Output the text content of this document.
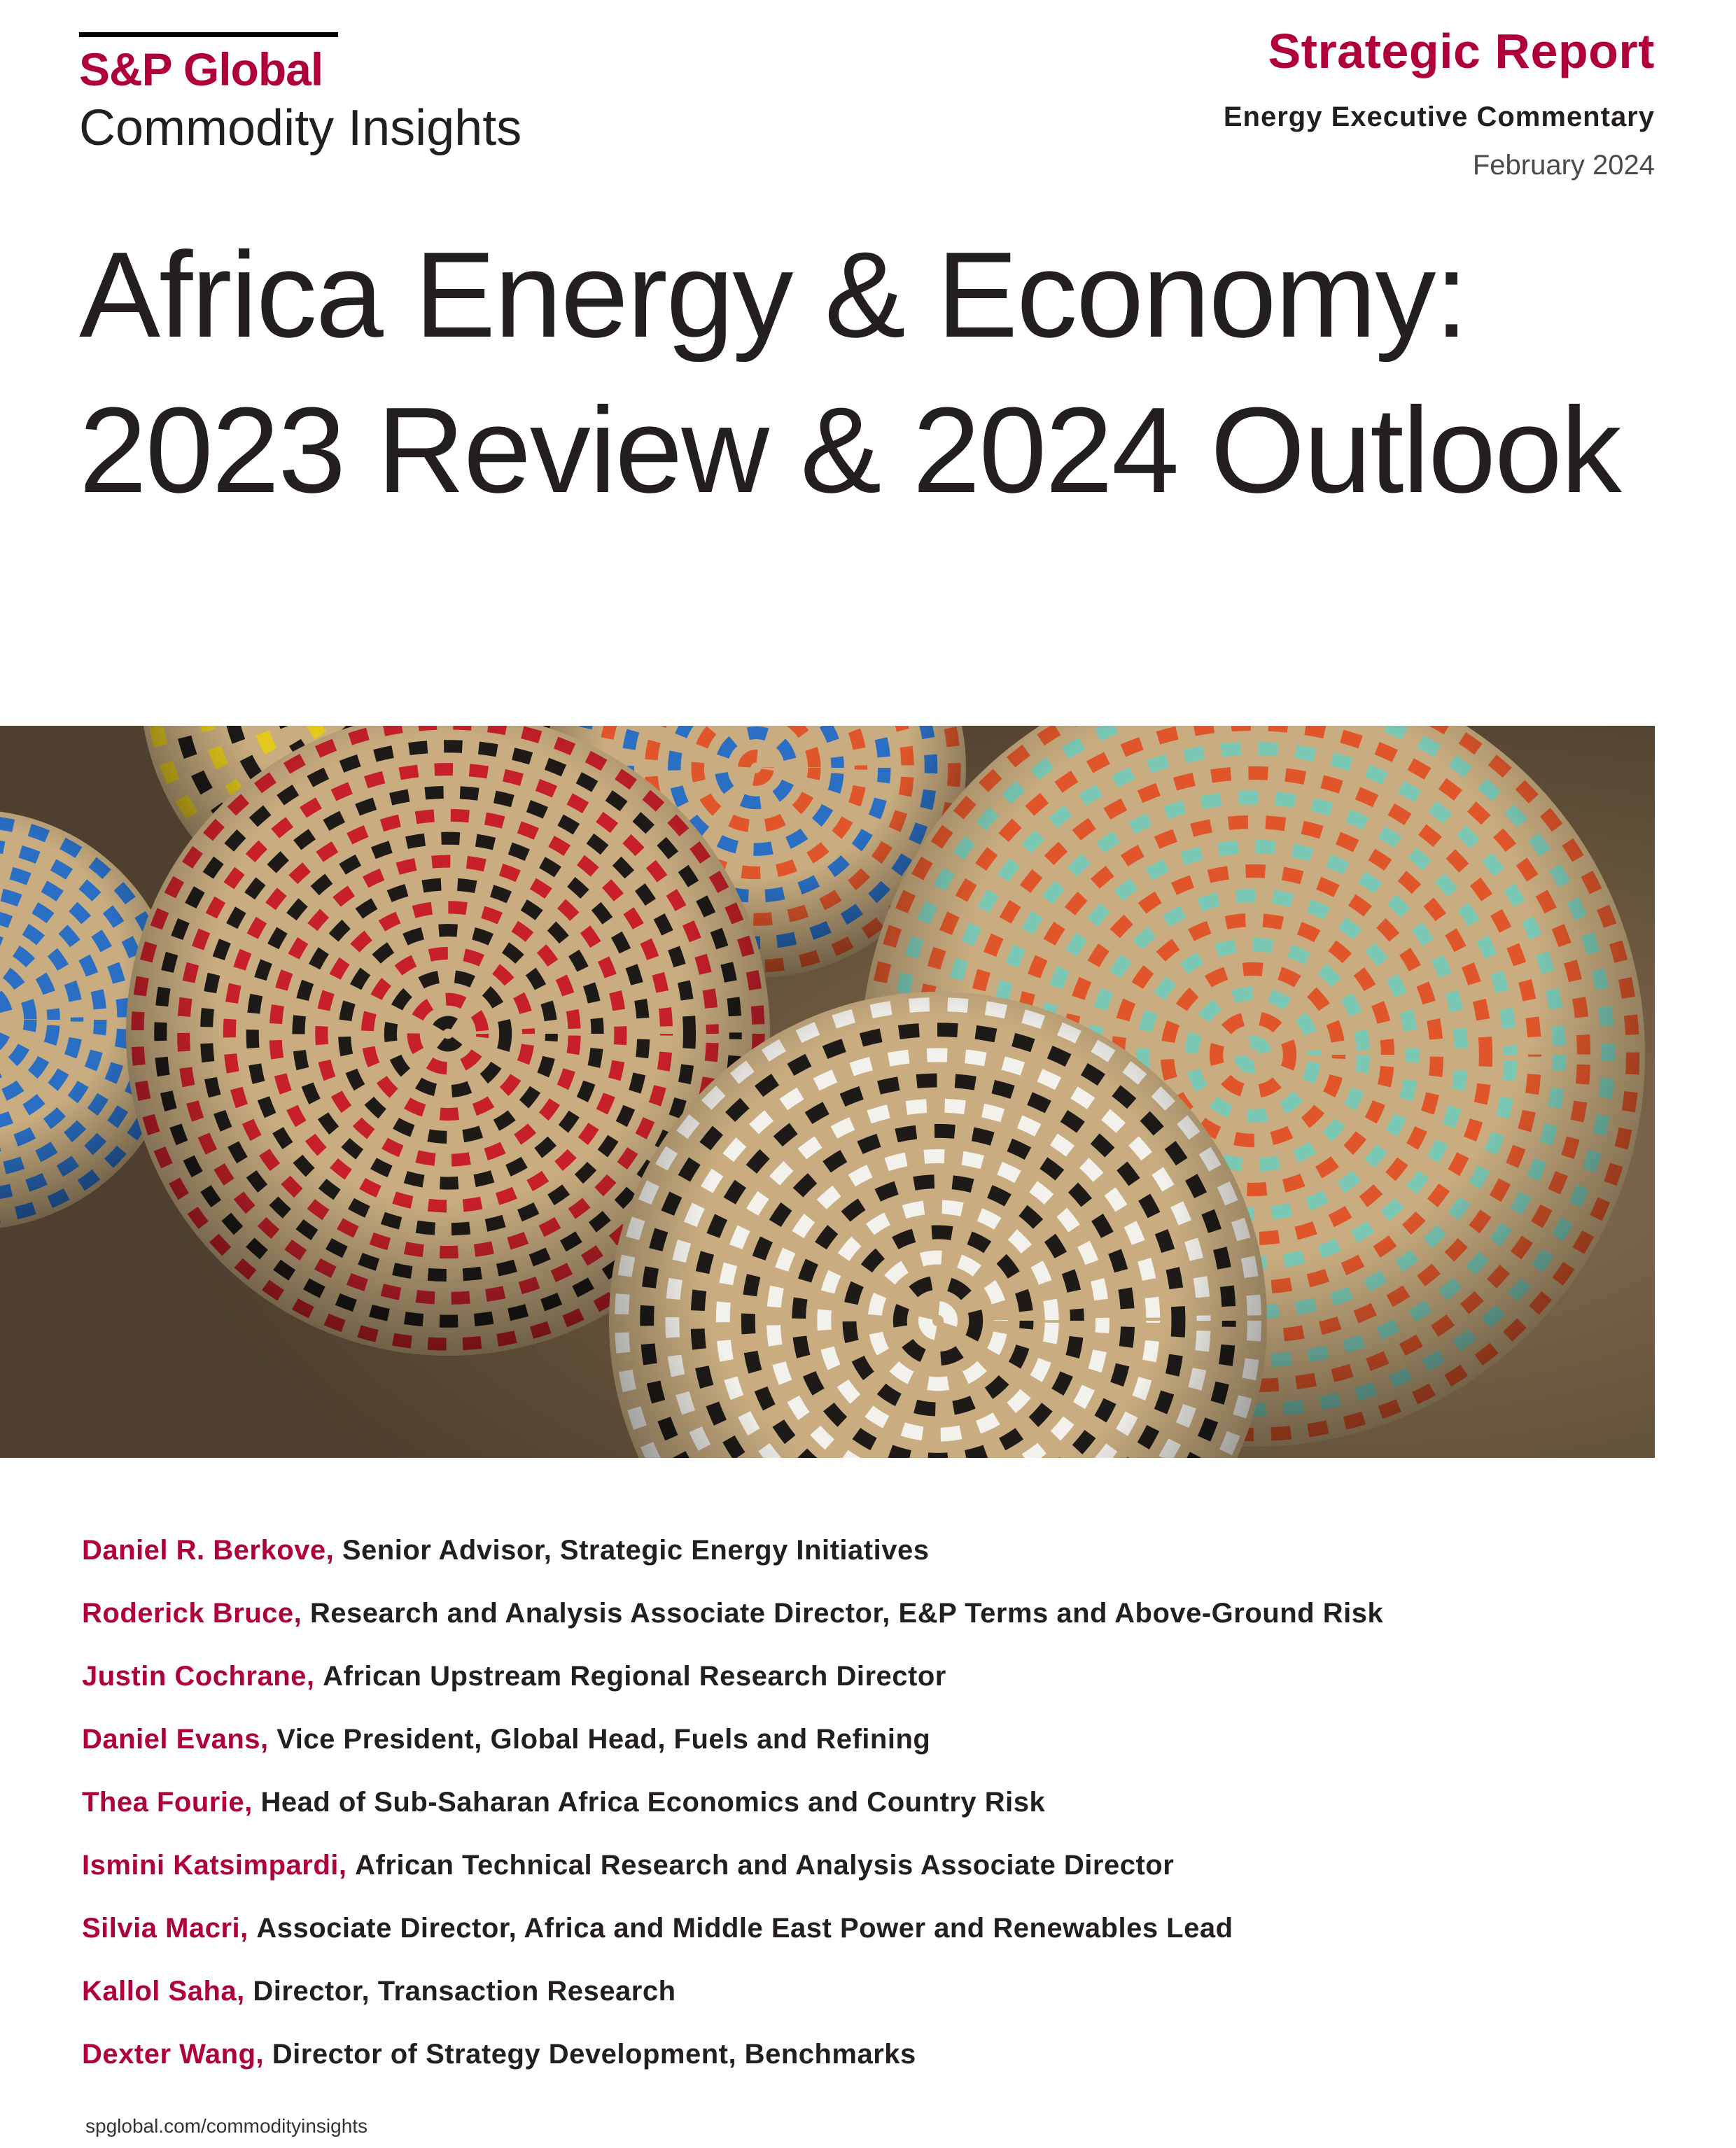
S&P Global
Commodity Insights
Strategic Report
Energy Executive Commentary
February 2024
Africa Energy & Economy: 2023 Review & 2024 Outlook
Daniel R. Berkove, Senior Advisor, Strategic Energy Initiatives
Roderick Bruce, Research and Analysis Associate Director, E&P Terms and Above-Ground Risk
Justin Cochrane, African Upstream Regional Research Director
Daniel Evans, Vice President, Global Head, Fuels and Refining
Thea Fourie, Head of Sub-Saharan Africa Economics and Country Risk
Ismini Katsimpardi, African Technical Research and Analysis Associate Director
Silvia Macri, Associate Director, Africa and Middle East Power and Renewables Lead
Kallol Saha, Director, Transaction Research
Dexter Wang, Director of Strategy Development, Benchmarks
spglobal.com/commodityinsights
